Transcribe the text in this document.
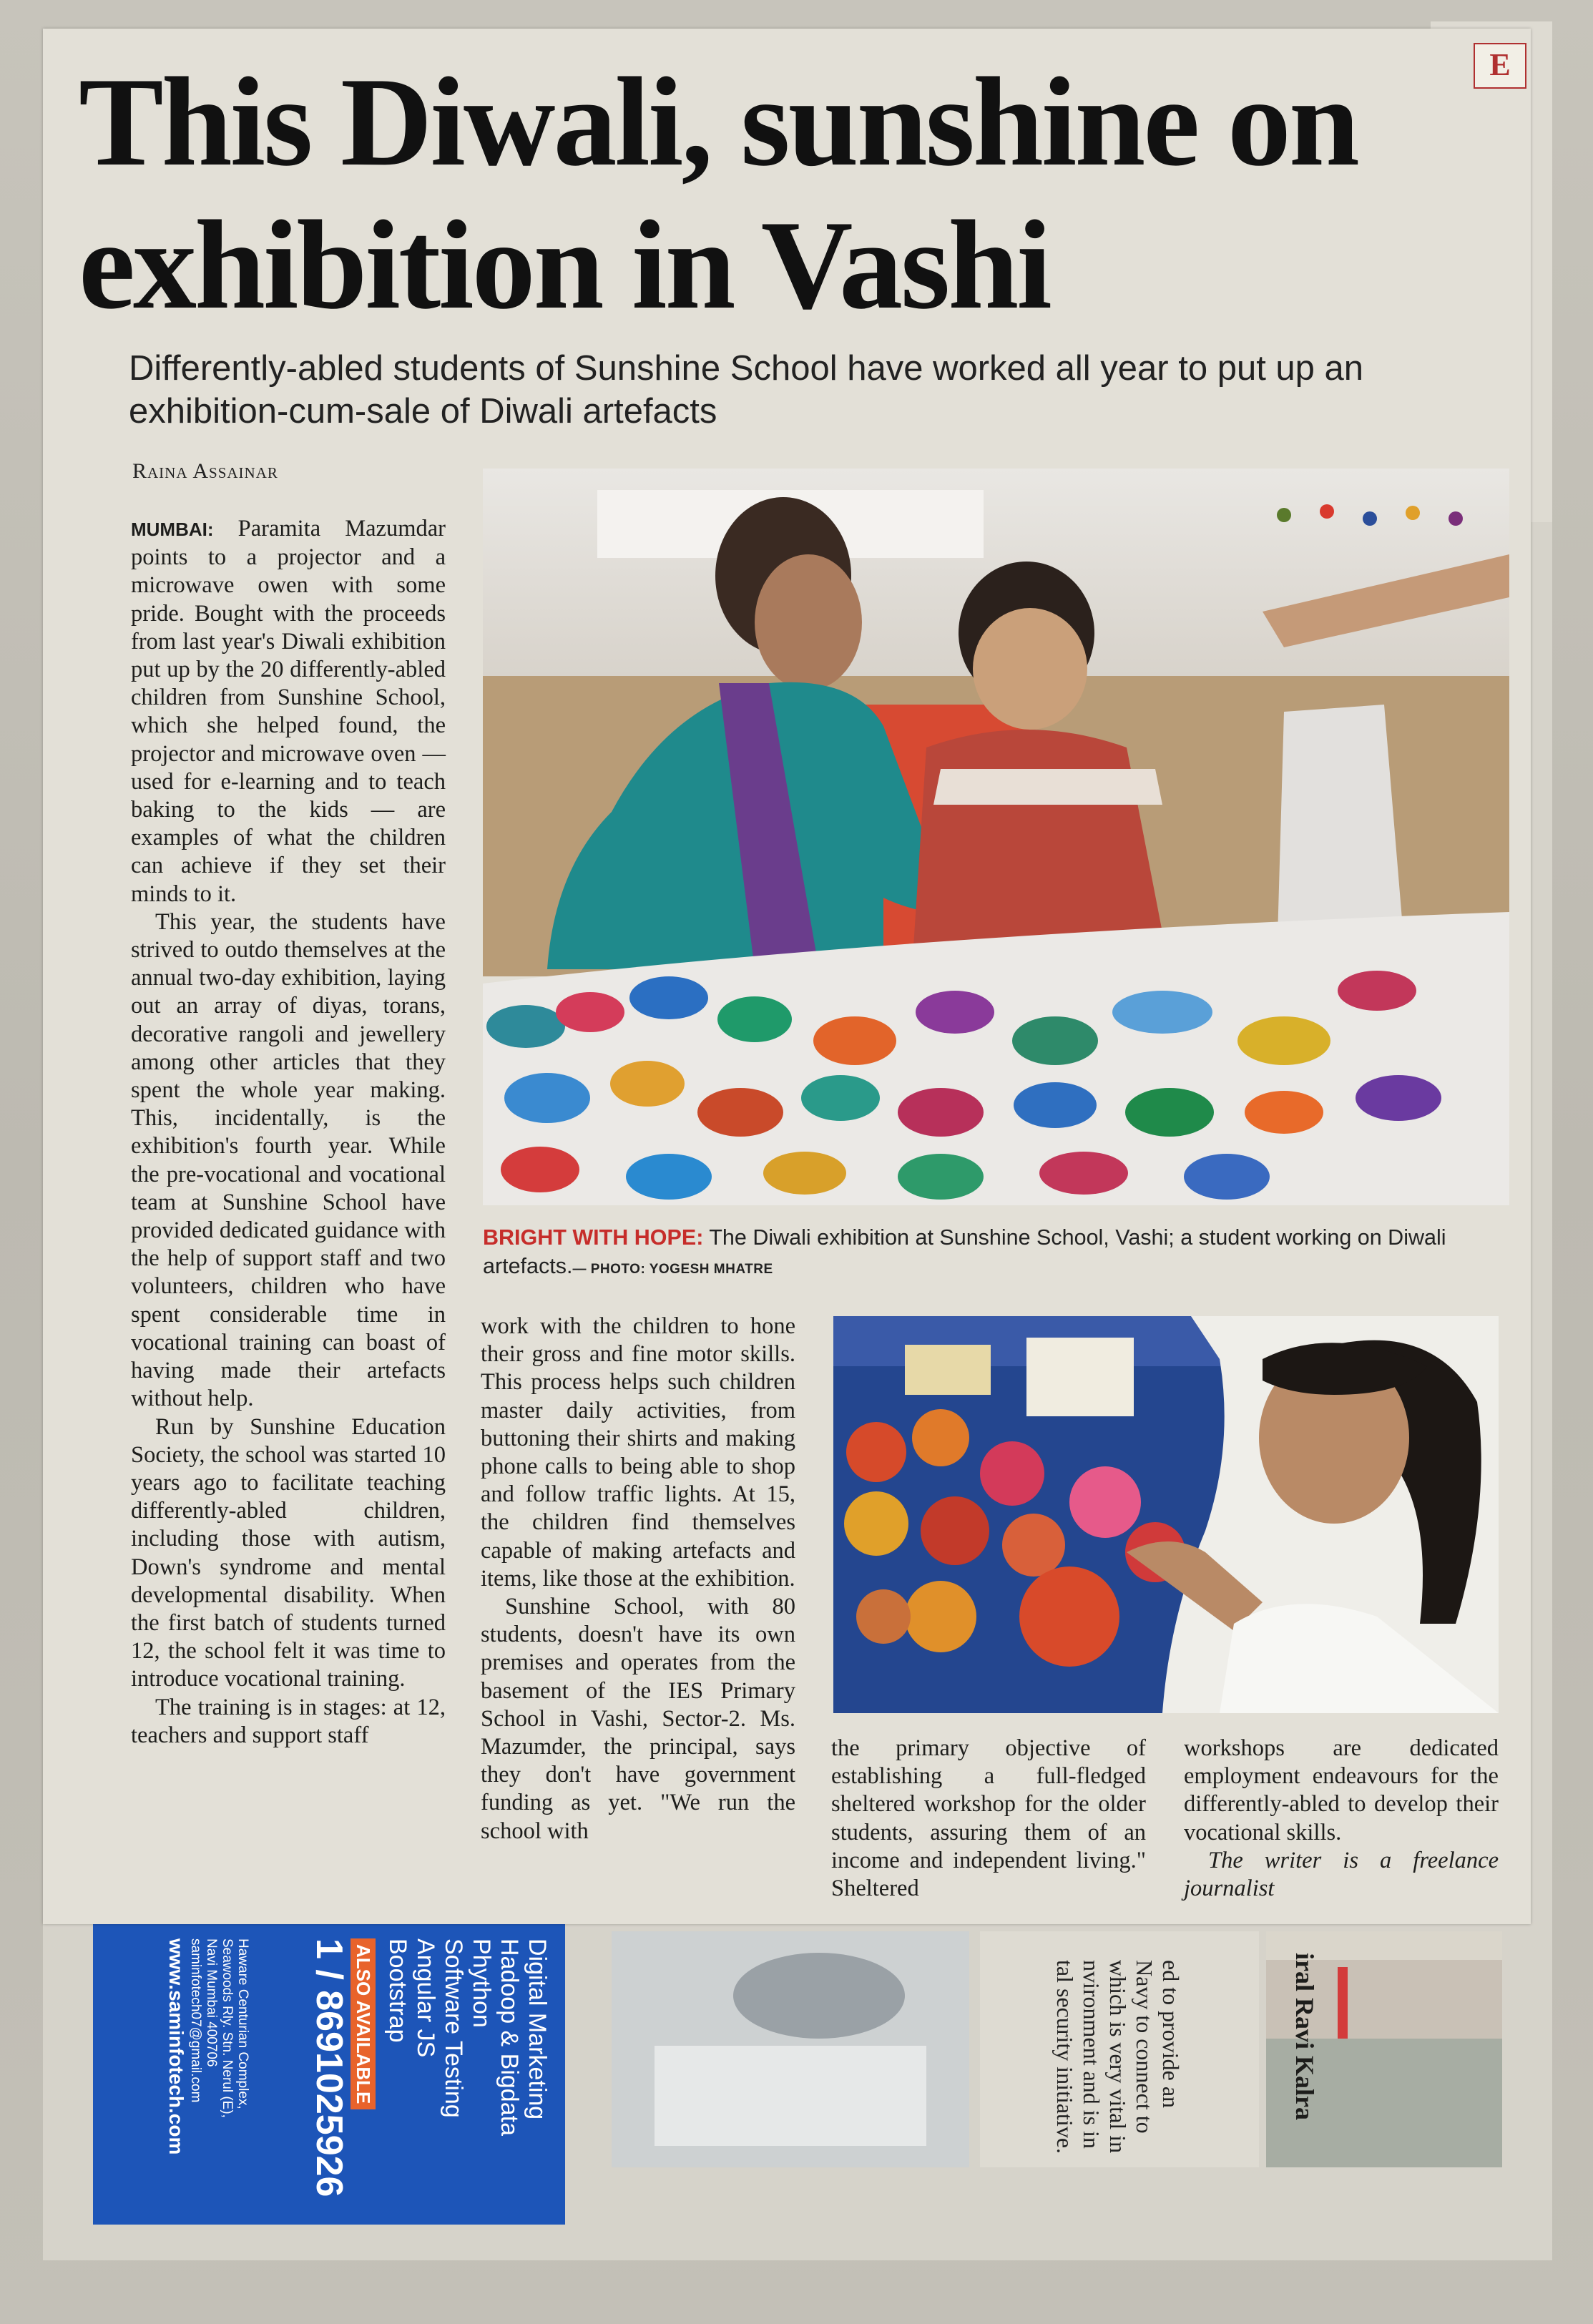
Digital Marketing
Hadoop & Bigdata
Phython
Software Testing
Angular JS
Bootstrap
ALSO AVAILABLE
1 / 8691025926
Haware Centurian Complex,
Seawoods Rly. Stn. Nerul (E),
Navi Mumbai 400706
saminfotech07@gmail.com
www.saminfotech.com	ed to provide an
Navy to connect to
which is very vital in
nvironment and is in
tal security initiative.	iral Ravi Kalra
E
This Diwali, sunshine on
exhibition in Vashi

Differently-abled students of Sunshine School have worked all year to put up an exhibition-cum-sale of Diwali artefacts

Raina Assainar
BRIGHT WITH HOPE: The Diwali exhibition at Sunshine School, Vashi; a student working on Diwali artefacts.— PHOTO: YOGESH MHATRE

MUMBAI: Paramita Mazumdar points to a projector and a microwave owen with some pride. Bought with the proceeds from last year's Diwali exhibition put up by the 20 differently-abled children from Sunshine School, which she helped found, the projector and microwave oven — used for e-learning and to teach baking to the kids — are examples of what the children can achieve if they set their minds to it.

This year, the students have strived to outdo themselves at the annual two-day exhibition, laying out an array of diyas, torans, decorative rangoli and jewellery among other articles that they spent the whole year making. This, incidentally, is the exhibition's fourth year. While the pre-vocational and vocational team at Sunshine School have provided dedicated guidance with the help of support staff and two volunteers, children who have spent considerable time in vocational training can boast of having made their artefacts without help.

Run by Sunshine Education Society, the school was started 10 years ago to facilitate teaching differently-abled children, including those with autism, Down's syndrome and mental developmental disability. When the first batch of students turned 12, the school felt it was time to introduce vocational training.

The training is in stages: at 12, teachers and support staff

work with the children to hone their gross and fine motor skills. This process helps such children master daily activities, from buttoning their shirts and making phone calls to being able to shop and follow traffic lights. At 15, the children find themselves capable of making artefacts and items, like those at the exhibition.

Sunshine School, with 80 students, doesn't have its own premises and operates from the basement of the IES Primary School in Vashi, Sector-2. Ms. Mazumder, the principal, says they don't have government funding as yet. "We run the school with

the primary objective of establishing a full-fledged sheltered workshop for the older students, assuring them of an income and independent living." Sheltered

workshops are dedicated employment endeavours for the differently-abled to develop their vocational skills.

The writer is a freelance journalist
